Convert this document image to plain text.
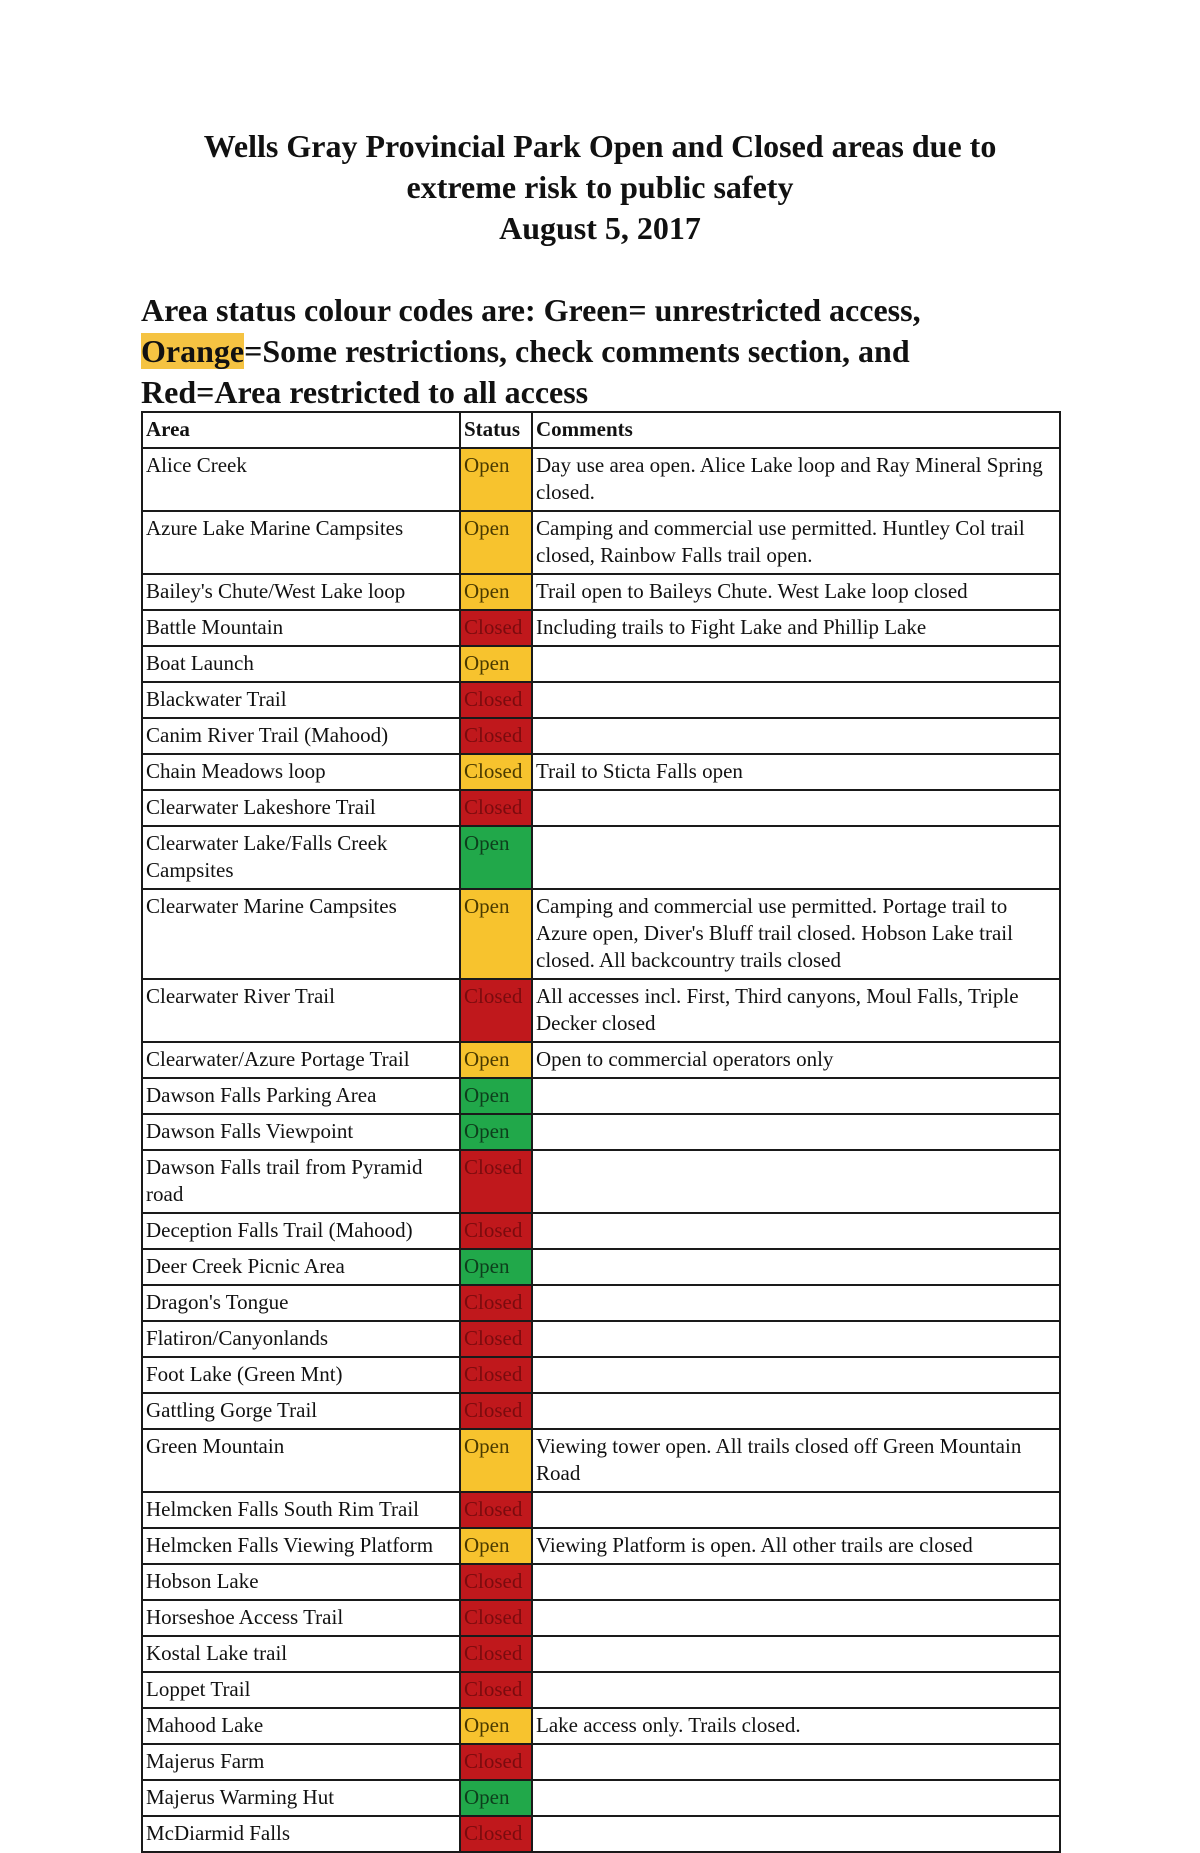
Wells Gray Provincial Park Open and Closed areas due to
extreme risk to public safety
August 5, 2017
Area status colour codes are: Green= unrestricted access,
Orange=Some restrictions, check comments section, and
Red=Area restricted to all access
Area	Status	Comments
Alice Creek	Open	Day use area open. Alice Lake loop and Ray Mineral Spring closed.
Azure Lake Marine Campsites	Open	Camping and commercial use permitted. Huntley Col trail closed, Rainbow Falls trail open.
Bailey's Chute/West Lake loop	Open	Trail open to Baileys Chute. West Lake loop closed
Battle Mountain	Closed	Including trails to Fight Lake and Phillip Lake
Boat Launch	Open	
Blackwater Trail	Closed	
Canim River Trail (Mahood)	Closed	
Chain Meadows loop	Closed	Trail to Sticta Falls open
Clearwater Lakeshore Trail	Closed	
Clearwater Lake/Falls Creek Campsites	Open	
Clearwater Marine Campsites	Open	Camping and commercial use permitted. Portage trail to Azure open, Diver's Bluff trail closed. Hobson Lake trail closed. All backcountry trails closed
Clearwater River Trail	Closed	All accesses incl. First, Third canyons, Moul Falls, Triple Decker closed
Clearwater/Azure Portage Trail	Open	Open to commercial operators only
Dawson Falls Parking Area	Open	
Dawson Falls Viewpoint	Open	
Dawson Falls trail from Pyramid road	Closed	
Deception Falls Trail (Mahood)	Closed	
Deer Creek Picnic Area	Open	
Dragon's Tongue	Closed	
Flatiron/Canyonlands	Closed	
Foot Lake (Green Mnt)	Closed	
Gattling Gorge Trail	Closed	
Green Mountain	Open	Viewing tower open. All trails closed off Green Mountain Road
Helmcken Falls South Rim Trail	Closed	
Helmcken Falls Viewing Platform	Open	Viewing Platform is open. All other trails are closed
Hobson Lake	Closed	
Horseshoe Access Trail	Closed	
Kostal Lake trail	Closed	
Loppet Trail	Closed	
Mahood Lake	Open	Lake access only. Trails closed.
Majerus Farm	Closed	
Majerus Warming Hut	Open	
McDiarmid Falls	Closed	
